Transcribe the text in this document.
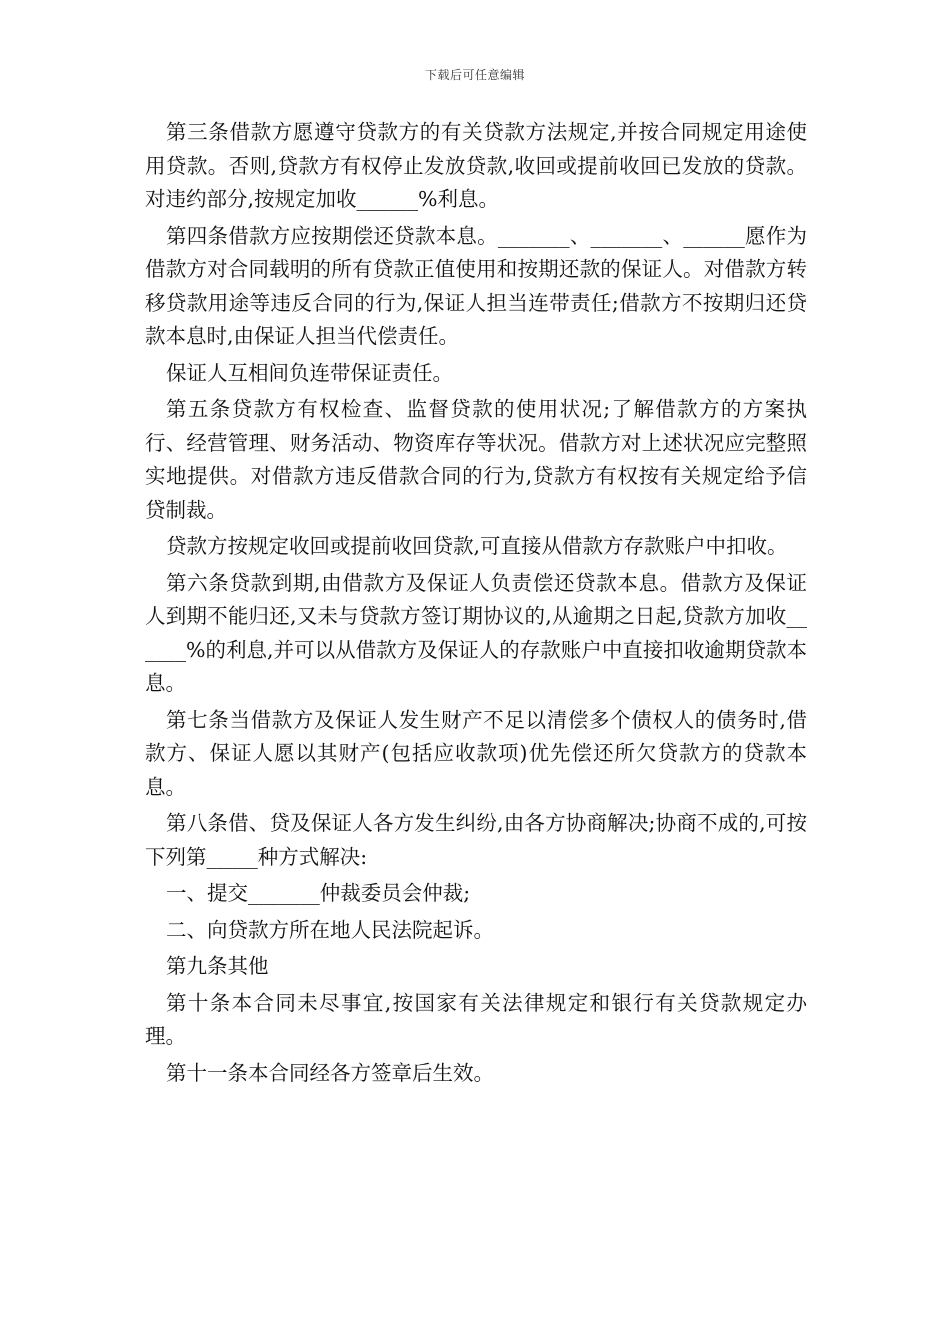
下载后可任意编辑

第三条借款方愿遵守贷款方的有关贷款方法规定,并按合同规定用途使用贷款。否则,贷款方有权停止发放贷款,收回或提前收回已发放的贷款。对违约部分,按规定加收______%利息。

第四条借款方应按期偿还贷款本息。_______、_______、______愿作为借款方对合同载明的所有贷款正值使用和按期还款的保证人。对借款方转移贷款用途等违反合同的行为,保证人担当连带责任;借款方不按期归还贷款本息时,由保证人担当代偿责任。

保证人互相间负连带保证责任。

第五条贷款方有权检查、监督贷款的使用状况;了解借款方的方案执行、经营管理、财务活动、物资库存等状况。借款方对上述状况应完整照实地提供。对借款方违反借款合同的行为,贷款方有权按有关规定给予信贷制裁。

贷款方按规定收回或提前收回贷款,可直接从借款方存款账户中扣收。

第六条贷款到期,由借款方及保证人负责偿还贷款本息。借款方及保证人到期不能归还,又未与贷款方签订期协议的,从逾期之日起,贷款方加收______%的利息,并可以从借款方及保证人的存款账户中直接扣收逾期贷款本息。

第七条当借款方及保证人发生财产不足以清偿多个债权人的债务时,借款方、保证人愿以其财产(包括应收款项)优先偿还所欠贷款方的贷款本息。

第八条借、贷及保证人各方发生纠纷,由各方协商解决;协商不成的,可按下列第_____种方式解决:

一、提交_______仲裁委员会仲裁;

二、向贷款方所在地人民法院起诉。

第九条其他

第十条本合同未尽事宜,按国家有关法律规定和银行有关贷款规定办理。

第十一条本合同经各方签章后生效。
